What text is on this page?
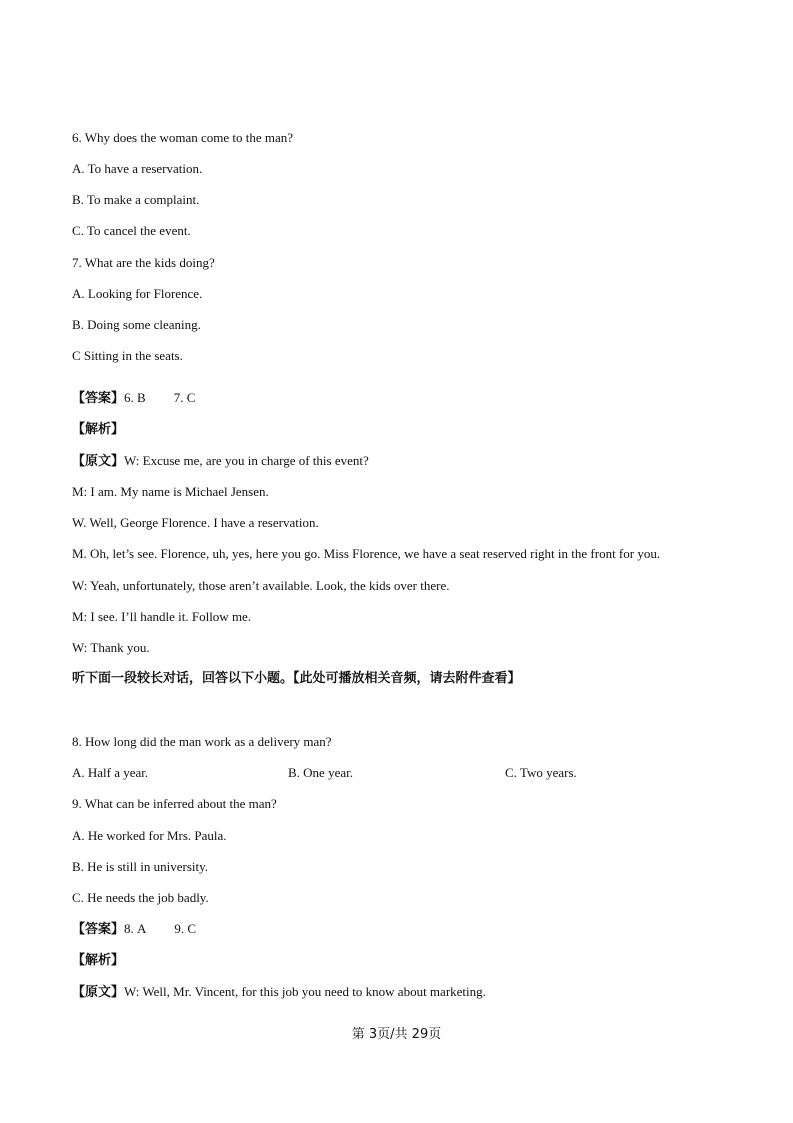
6. Why does the woman come to the man?
A. To have a reservation.
B. To make a complaint.
C. To cancel the event.
7. What are the kids doing?
A. Looking for Florence.
B. Doing some cleaning.
C Sitting in the seats.
【答案】6. B 7. C
【解析】
【原文】W: Excuse me, are you in charge of this event?
M: I am. My name is Michael Jensen.
W. Well, George Florence. I have a reservation.
M. Oh, let’s see. Florence, uh, yes, here you go. Miss Florence, we have a seat reserved right in the front for you.
W: Yeah, unfortunately, those aren’t available. Look, the kids over there.
M: I see. I’ll handle it. Follow me.
W: Thank you.
听下面一段较长对话，回答以下小题。【此处可播放相关音频，请去附件查看】
8. How long did the man work as a delivery man?
A. Half a year.	B. One year.	C. Two years.
9. What can be inferred about the man?
A. He worked for Mrs. Paula.
B. He is still in university.
C. He needs the job badly.
【答案】8. A 9. C
【解析】
【原文】W: Well, Mr. Vincent, for this job you need to know about marketing.
第 3页/共 29页
